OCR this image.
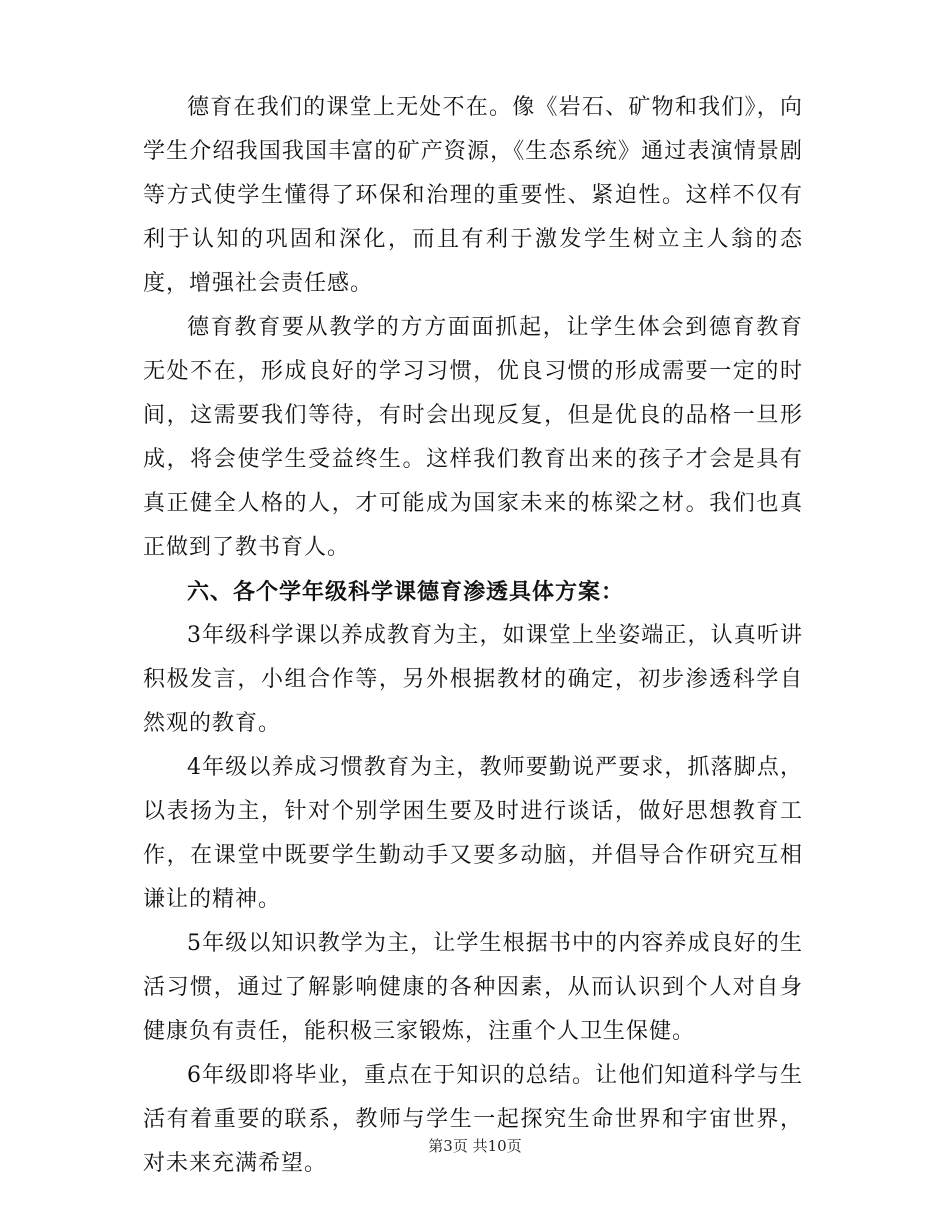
德育在我们的课堂上无处不在。像《岩石、矿物和我们》，向学生介绍我国我国丰富的矿产资源，《生态系统》通过表演情景剧等方式使学生懂得了环保和治理的重要性、紧迫性。这样不仅有利于认知的巩固和深化，而且有利于激发学生树立主人翁的态度，增强社会责任感。

德育教育要从教学的方方面面抓起，让学生体会到德育教育无处不在，形成良好的学习习惯，优良习惯的形成需要一定的时间，这需要我们等待，有时会出现反复，但是优良的品格一旦形成，将会使学生受益终生。这样我们教育出来的孩子才会是具有真正健全人格的人，才可能成为国家未来的栋梁之材。我们也真正做到了教书育人。

六、各个学年级科学课德育渗透具体方案：

3年级科学课以养成教育为主，如课堂上坐姿端正，认真听讲积极发言，小组合作等，另外根据教材的确定，初步渗透科学自然观的教育。

4年级以养成习惯教育为主，教师要勤说严要求，抓落脚点，以表扬为主，针对个别学困生要及时进行谈话，做好思想教育工作，在课堂中既要学生勤动手又要多动脑，并倡导合作研究互相谦让的精神。

5年级以知识教学为主，让学生根据书中的内容养成良好的生活习惯，通过了解影响健康的各种因素，从而认识到个人对自身健康负有责任，能积极三家锻炼，注重个人卫生保健。

6年级即将毕业，重点在于知识的总结。让他们知道科学与生活有着重要的联系，教师与学生一起探究生命世界和宇宙世界，对未来充满希望。

第3页 共10页
